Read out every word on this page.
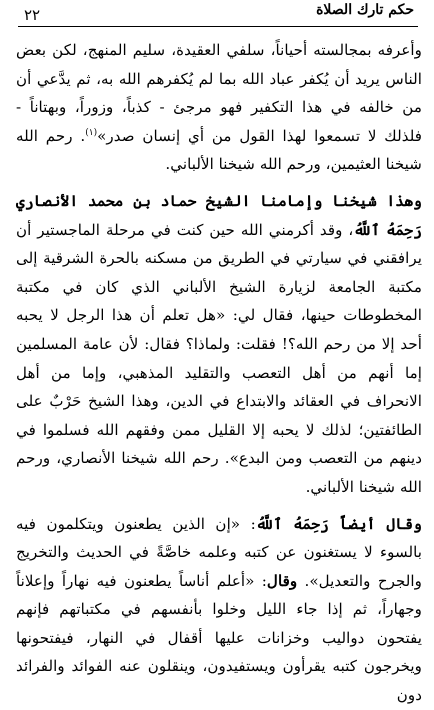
٢٢	حكم تارك الصلاة

وأعرفه بمجالسته أحياناً، سلفي العقيدة، سليم المنهج، لكن بعض الناس يريد أن يُكفر عباد الله بما لم يُكفرهم الله به، ثم يدَّعي أن من خالفه في هذا التكفير فهو مرجئ - كذباً، وزوراً، وبهتاناً - فلذلك لا تسمعوا لهذا القول من أي إنسان صدر»$^{(١)}$. رحم الله شيخنا العثيمين، ورحم الله شيخنا الألباني.

وهذا شيخنا وإمامنا الشيخ حماد بن محمد الأنصاري رَحِمَهُ ٱللَّهُ، وقد أكرمني الله حين كنت في مرحلة الماجستير أن يرافقني في سيارتي في الطريق من مسكنه بالحرة الشرقية إلى مكتبة الجامعة لزيارة الشيخ الألباني الذي كان في مكتبة المخطوطات حينها، فقال لي: «هل تعلم أن هذا الرجل لا يحبه أحد إلا من رحم الله؟! فقلت: ولماذا؟ فقال: لأن عامة المسلمين إما أنهم من أهل التعصب والتقليد المذهبي، وإما من أهل الانحراف في العقائد والابتداع في الدين، وهذا الشيخ حَرْبٌ على الطائفتين؛ لذلك لا يحبه إلا القليل ممن وفقهم الله فسلموا في دينهم من التعصب ومن البدع». رحم الله شيخنا الأنصاري، ورحم الله شيخنا الألباني.

وقال أيضاً رَحِمَهُ ٱللَّهُ: «إن الذين يطعنون ويتكلمون فيه بالسوء لا يستغنون عن كتبه وعلمه خاصَّةً في الحديث والتخريج والجرح والتعديل». وقال: «أعلم أناساً يطعنون فيه نهاراً وإعلاناً وجهاراً، ثم إذا جاء الليل وخلوا بأنفسهم في مكتباتهم فإنهم يفتحون دواليب وخزانات عليها أقفال في النهار، فيفتحونها ويخرجون كتبه يقرأون ويستفيدون، وينقلون عنه الفوائد والفرائد دون
